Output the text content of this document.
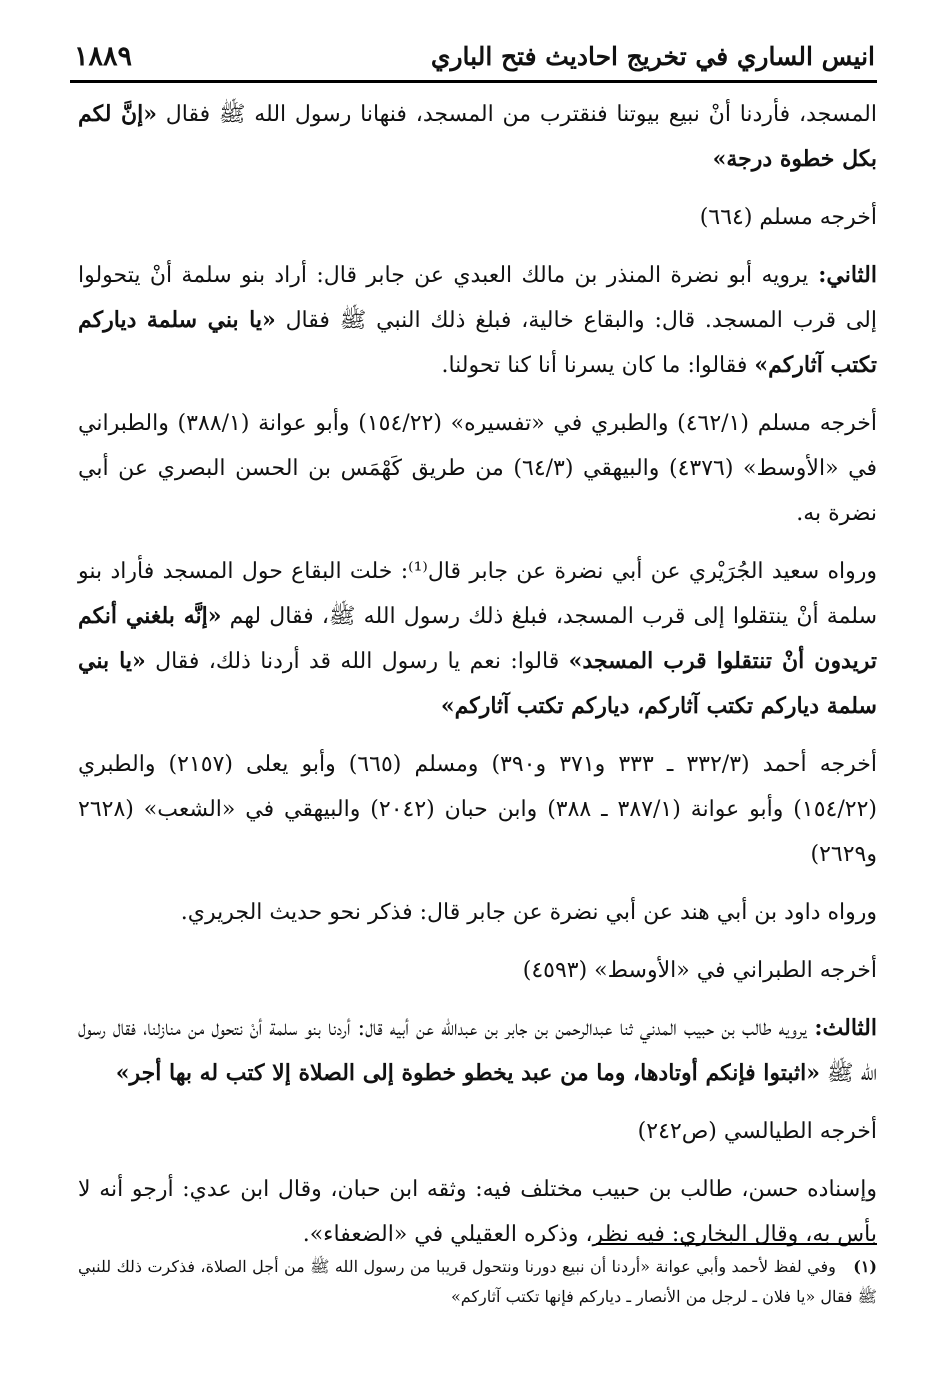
انيس الساري في تخريج احاديث فتح الباري
١٨٨٩

المسجد، فأردنا أنْ نبيع بيوتنا فنقترب من المسجد، فنهانا رسول الله ﷺ فقال «إنَّ لكم بكل خطوة درجة»

أخرجه مسلم (٦٦٤)

الثاني: يرويه أبو نضرة المنذر بن مالك العبدي عن جابر قال: أراد بنو سلمة أنْ يتحولوا إلى قرب المسجد. قال: والبقاع خالية، فبلغ ذلك النبي ﷺ فقال «يا بني سلمة دياركم تكتب آثاركم» فقالوا: ما كان يسرنا أنا كنا تحولنا.

أخرجه مسلم (٤٦٢/١) والطبري في «تفسيره» (١٥٤/٢٢) وأبو عوانة (٣٨٨/١) والطبراني في «الأوسط» (٤٣٧٦) والبيهقي (٦٤/٣) من طريق كَهْمَس بن الحسن البصري عن أبي نضرة به.

ورواه سعيد الجُرَيْري عن أبي نضرة عن جابر قال⁽¹⁾: خلت البقاع حول المسجد فأراد بنو سلمة أنْ ينتقلوا إلى قرب المسجد، فبلغ ذلك رسول الله ﷺ، فقال لهم «إنَّه بلغني أنكم تريدون أنْ تنتقلوا قرب المسجد» قالوا: نعم يا رسول الله قد أردنا ذلك، فقال «يا بني سلمة دياركم تكتب آثاركم، دياركم تكتب آثاركم»

أخرجه أحمد (٣٣٢/٣ ـ ٣٣٣ و٣٧١ و٣٩٠) ومسلم (٦٦٥) وأبو يعلى (٢١٥٧) والطبري (١٥٤/٢٢) وأبو عوانة (٣٨٧/١ ـ ٣٨٨) وابن حبان (٢٠٤٢) والبيهقي في «الشعب» (٢٦٢٨ و٢٦٢٩)

ورواه داود بن أبي هند عن أبي نضرة عن جابر قال: فذكر نحو حديث الجريري.

أخرجه الطبراني في «الأوسط» (٤٥٩٣)

الثالث: يرويه طالب بن حبيب المدني ثنا عبدالرحمن بن جابر بن عبدالله عن أبيه قال: أردنا بنو سلمة أنْ نتحول من منازلنا، فقال رسول الله ﷺ «اثبتوا فإنكم أوتادها، وما من عبد يخطو خطوة إلى الصلاة إلا كتب له بها أجر»

أخرجه الطيالسي (ص٢٤٢)

وإسناده حسن، طالب بن حبيب مختلف فيه: وثقه ابن حبان، وقال ابن عدي: أرجو أنه لا بأس به، وقال البخاري: فيه نظر، وذكره العقيلي في «الضعفاء».

(١) وفي لفظ لأحمد وأبي عوانة «أردنا أن نبيع دورنا ونتحول قريبا من رسول الله ﷺ من أجل الصلاة، فذكرت ذلك للنبي ﷺ فقال «يا فلان ـ لرجل من الأنصار ـ دياركم فإنها تكتب آثاركم»
